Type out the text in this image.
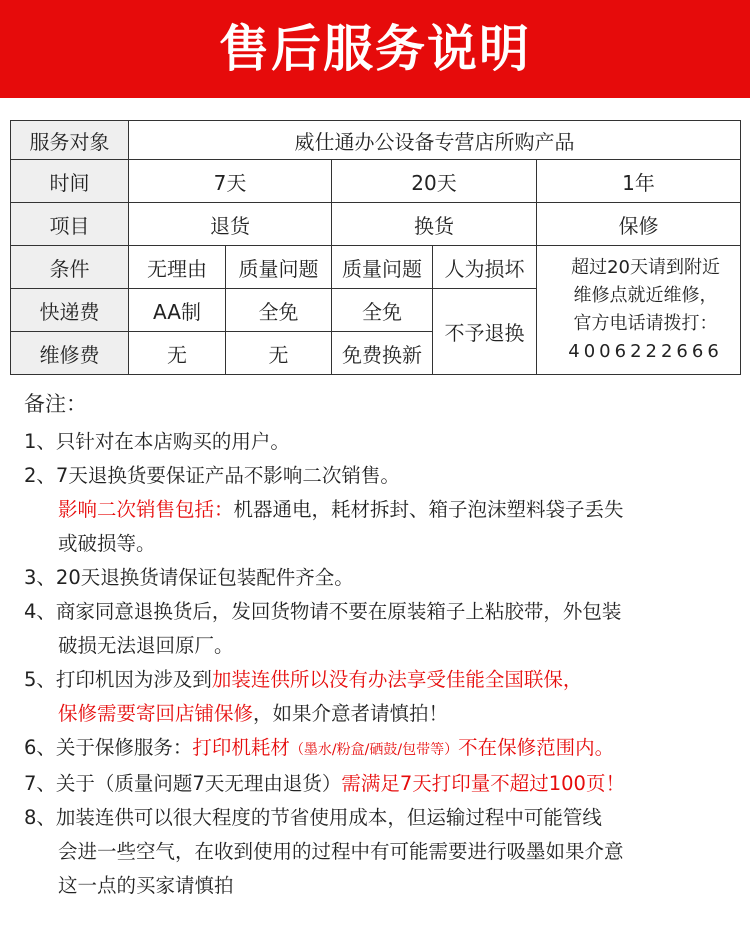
售后服务说明
服务对象	威仕通办公设备专营店所购产品				
时间	7天		20天		1年
项目	退货		换货		保修
条件	无理由	质量问题	质量问题	人为损坏	超过20天请到附近
维修点就近维修，
官方电话请拨打：
4006222666

快递费	AA制	全免	全免	不予退换	
维修费	无	无	免费换新		
备注：
1、只针对在本店购买的用户。
2、7天退换货要保证产品不影响二次销售。
影响二次销售包括：机器通电，耗材拆封、箱子泡沫塑料袋子丢失
或破损等。
3、20天退换货请保证包装配件齐全。
4、商家同意退换货后，发回货物请不要在原装箱子上粘胶带，外包装
破损无法退回原厂。
5、打印机因为涉及到加装连供所以没有办法享受佳能全国联保，
保修需要寄回店铺保修，如果介意者请慎拍！
6、关于保修服务：打印机耗材（墨水/粉盒/硒鼓/包带等）不在保修范围内。
7、关于（质量问题7天无理由退货）需满足7天打印量不超过100页！
8、加装连供可以很大程度的节省使用成本，但运输过程中可能管线
会进一些空气，在收到使用的过程中有可能需要进行吸墨如果介意
这一点的买家请慎拍
